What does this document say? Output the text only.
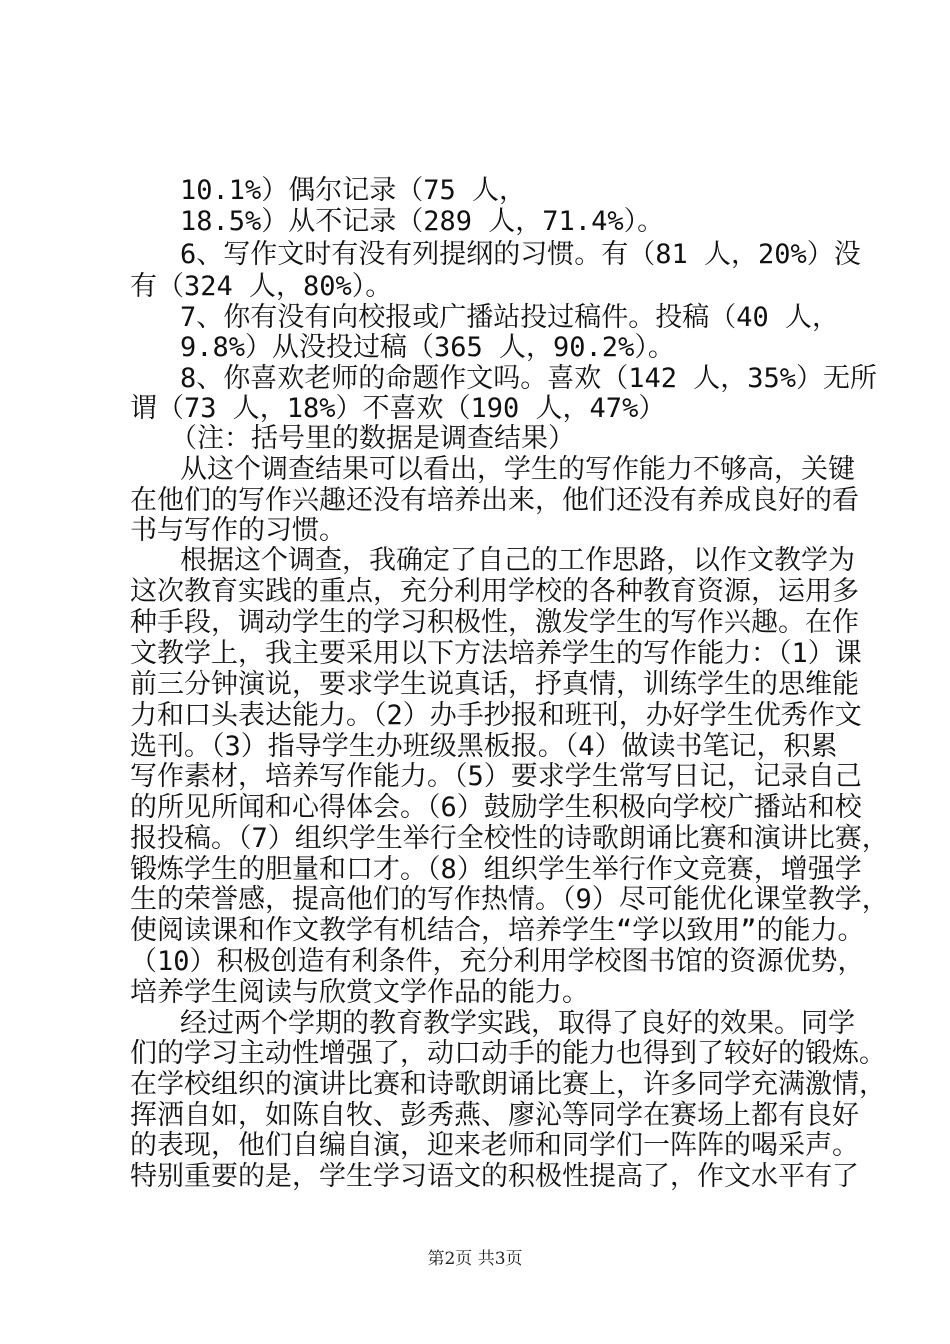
10.1%）偶尔记录（75 人，
18.5%）从不记录（289 人，71.4%）。
6、写作文时有没有列提纲的习惯。有（81 人，20%）没
有（324 人，80%）。
7、你有没有向校报或广播站投过稿件。投稿（40 人，
9.8%）从没投过稿（365 人，90.2%）。
8、你喜欢老师的命题作文吗。喜欢（142 人，35%）无所
谓（73 人，18%）不喜欢（190 人，47%）
（注：括号里的数据是调查结果）
从这个调查结果可以看出，学生的写作能力不够高，关键
在他们的写作兴趣还没有培养出来，他们还没有养成良好的看
书与写作的习惯。
根据这个调查，我确定了自己的工作思路，以作文教学为
这次教育实践的重点，充分利用学校的各种教育资源，运用多
种手段，调动学生的学习积极性，激发学生的写作兴趣。在作
文教学上，我主要采用以下方法培养学生的写作能力：（1）课
前三分钟演说，要求学生说真话，抒真情，训练学生的思维能
力和口头表达能力。（2）办手抄报和班刊，办好学生优秀作文
选刊。（3）指导学生办班级黑板报。（4）做读书笔记，积累
写作素材，培养写作能力。（5）要求学生常写日记，记录自己
的所见所闻和心得体会。（6）鼓励学生积极向学校广播站和校
报投稿。（7）组织学生举行全校性的诗歌朗诵比赛和演讲比赛，
锻炼学生的胆量和口才。（8）组织学生举行作文竞赛，增强学
生的荣誉感，提高他们的写作热情。（9）尽可能优化课堂教学，
使阅读课和作文教学有机结合，培养学生“学以致用”的能力。
（10）积极创造有利条件，充分利用学校图书馆的资源优势，
培养学生阅读与欣赏文学作品的能力。
经过两个学期的教育教学实践，取得了良好的效果。同学
们的学习主动性增强了，动口动手的能力也得到了较好的锻炼。
在学校组织的演讲比赛和诗歌朗诵比赛上，许多同学充满激情，
挥洒自如，如陈自牧、彭秀燕、廖沁等同学在赛场上都有良好
的表现，他们自编自演，迎来老师和同学们一阵阵的喝采声。
特别重要的是，学生学习语文的积极性提高了，作文水平有了
第2页 共3页
